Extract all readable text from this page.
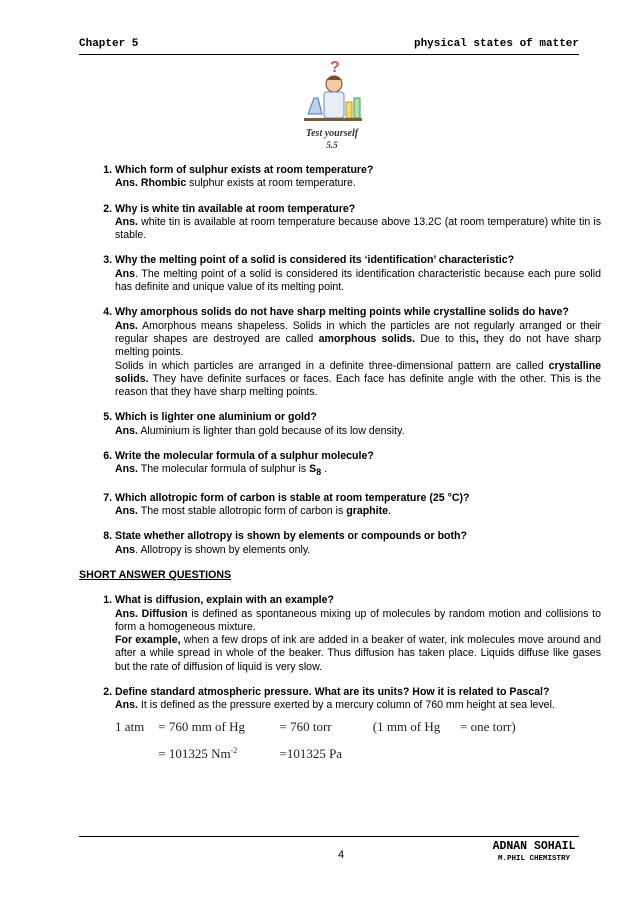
Chapter 5	physical states of matter
?
Test yourself
5.5
1. Which form of sulphur exists at room temperature?
Ans. Rhombic sulphur exists at room temperature.
2. Why is white tin available at room temperature?
Ans. white tin is available at room temperature because above 13.2C (at room temperature) white tin is stable.
3. Why the melting point of a solid is considered its ‘identification’ characteristic?
Ans. The melting point of a solid is considered its identification characteristic because each pure solid has definite and unique value of its melting point.
4. Why amorphous solids do not have sharp melting points while crystalline solids do have?
Ans. Amorphous means shapeless. Solids in which the particles are not regularly arranged or their regular shapes are destroyed are called amorphous solids. Due to this, they do not have sharp melting points.
Solids in which particles are arranged in a definite three-dimensional pattern are called crystalline solids. They have definite surfaces or faces. Each face has definite angle with the other. This is the reason that they have sharp melting points.
5. Which is lighter one aluminium or gold?
Ans. Aluminium is lighter than gold because of its low density.
6. Write the molecular formula of a sulphur molecule?
Ans. The molecular formula of sulphur is $S_8$ .
7. Which allotropic form of carbon is stable at room temperature (25 °C)?
Ans. The most stable allotropic form of carbon is graphite.
8. State whether allotropy is shown by elements or compounds or both?
Ans. Allotropy is shown by elements only.
SHORT ANSWER QUESTIONS
1. What is diffusion, explain with an example?
Ans. Diffusion is defined as spontaneous mixing up of molecules by random motion and collisions to form a homogeneous mixture.
For example, when a few drops of ink are added in a beaker of water, ink molecules move around and after a while spread in whole of the beaker. Thus diffusion has taken place. Liquids diffuse like gases but the rate of diffusion of liquid is very slow.
2. Define standard atmospheric pressure. What are its units? How it is related to Pascal?
Ans. It is defined as the pressure exerted by a mercury column of 760 mm height at sea level.
1 atm = 760 mm of Hg	= 760 torr	(1 mm of Hg = one torr)
= 101325 $Nm^{-2}$	=101325 Pa
4
ADNAN SOHAIL
M.PHIL CHEMISTRY
